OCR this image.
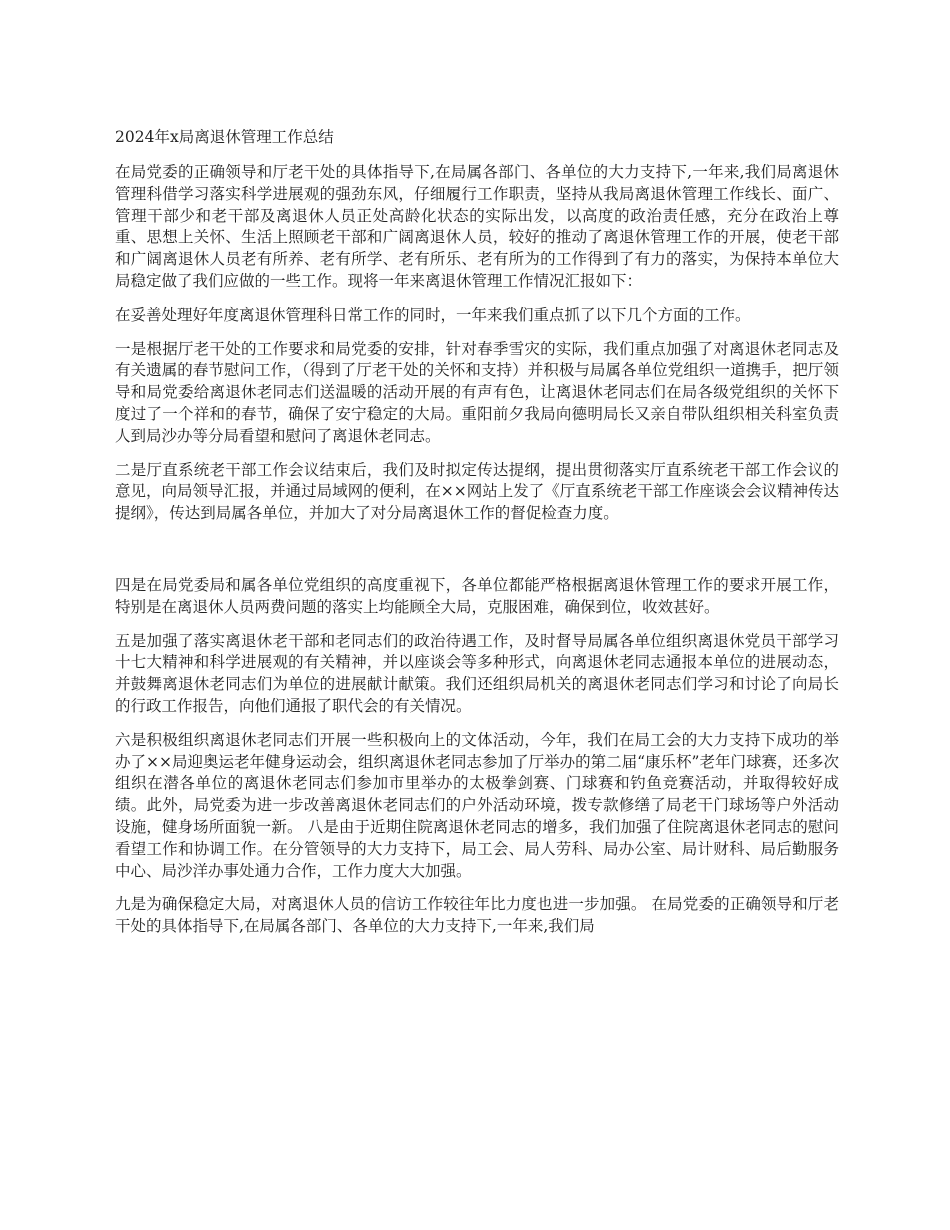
2024年x局离退休管理工作总结

在局党委的正确领导和厅老干处的具体指导下,在局属各部门、各单位的大力支持下,一年来,我们局离退休管理科借学习落实科学进展观的强劲东风，仔细履行工作职责，坚持从我局离退休管理工作线长、面广、管理干部少和老干部及离退休人员正处高龄化状态的实际出发，以高度的政治责任感，充分在政治上尊重、思想上关怀、生活上照顾老干部和广阔离退休人员，较好的推动了离退休管理工作的开展，使老干部和广阔离退休人员老有所养、老有所学、老有所乐、老有所为的工作得到了有力的落实，为保持本单位大局稳定做了我们应做的一些工作。现将一年来离退休管理工作情况汇报如下：

在妥善处理好年度离退休管理科日常工作的同时，一年来我们重点抓了以下几个方面的工作。

一是根据厅老干处的工作要求和局党委的安排，针对春季雪灾的实际，我们重点加强了对离退休老同志及有关遗属的春节慰问工作，（得到了厅老干处的关怀和支持）并积极与局属各单位党组织一道携手，把厅领导和局党委给离退休老同志们送温暖的活动开展的有声有色，让离退休老同志们在局各级党组织的关怀下度过了一个祥和的春节，确保了安宁稳定的大局。重阳前夕我局向德明局长又亲自带队组织相关科室负责人到局沙办等分局看望和慰问了离退休老同志。

二是厅直系统老干部工作会议结束后，我们及时拟定传达提纲，提出贯彻落实厅直系统老干部工作会议的意见，向局领导汇报，并通过局域网的便利，在××网站上发了《厅直系统老干部工作座谈会会议精神传达提纲》，传达到局属各单位，并加大了对分局离退休工作的督促检查力度。

四是在局党委局和属各单位党组织的高度重视下，各单位都能严格根据离退休管理工作的要求开展工作，特别是在离退休人员两费问题的落实上均能顾全大局，克服困难，确保到位，收效甚好。

五是加强了落实离退休老干部和老同志们的政治待遇工作，及时督导局属各单位组织离退休党员干部学习十七大精神和科学进展观的有关精神，并以座谈会等多种形式，向离退休老同志通报本单位的进展动态，并鼓舞离退休老同志们为单位的进展献计献策。我们还组织局机关的离退休老同志们学习和讨论了向局长的行政工作报告，向他们通报了职代会的有关情况。

六是积极组织离退休老同志们开展一些积极向上的文体活动，今年，我们在局工会的大力支持下成功的举办了××局迎奥运老年健身运动会，组织离退休老同志参加了厅举办的第二届“康乐杯”老年门球赛，还多次组织在潜各单位的离退休老同志们参加市里举办的太极拳剑赛、门球赛和钓鱼竞赛活动，并取得较好成绩。此外，局党委为进一步改善离退休老同志们的户外活动环境，拨专款修缮了局老干门球场等户外活动设施，健身场所面貌一新。 八是由于近期住院离退休老同志的增多，我们加强了住院离退休老同志的慰问看望工作和协调工作。在分管领导的大力支持下，局工会、局人劳科、局办公室、局计财科、局后勤服务中心、局沙洋办事处通力合作，工作力度大大加强。

九是为确保稳定大局，对离退休人员的信访工作较往年比力度也进一步加强。 在局党委的正确领导和厅老干处的具体指导下,在局属各部门、各单位的大力支持下,一年来,我们局
